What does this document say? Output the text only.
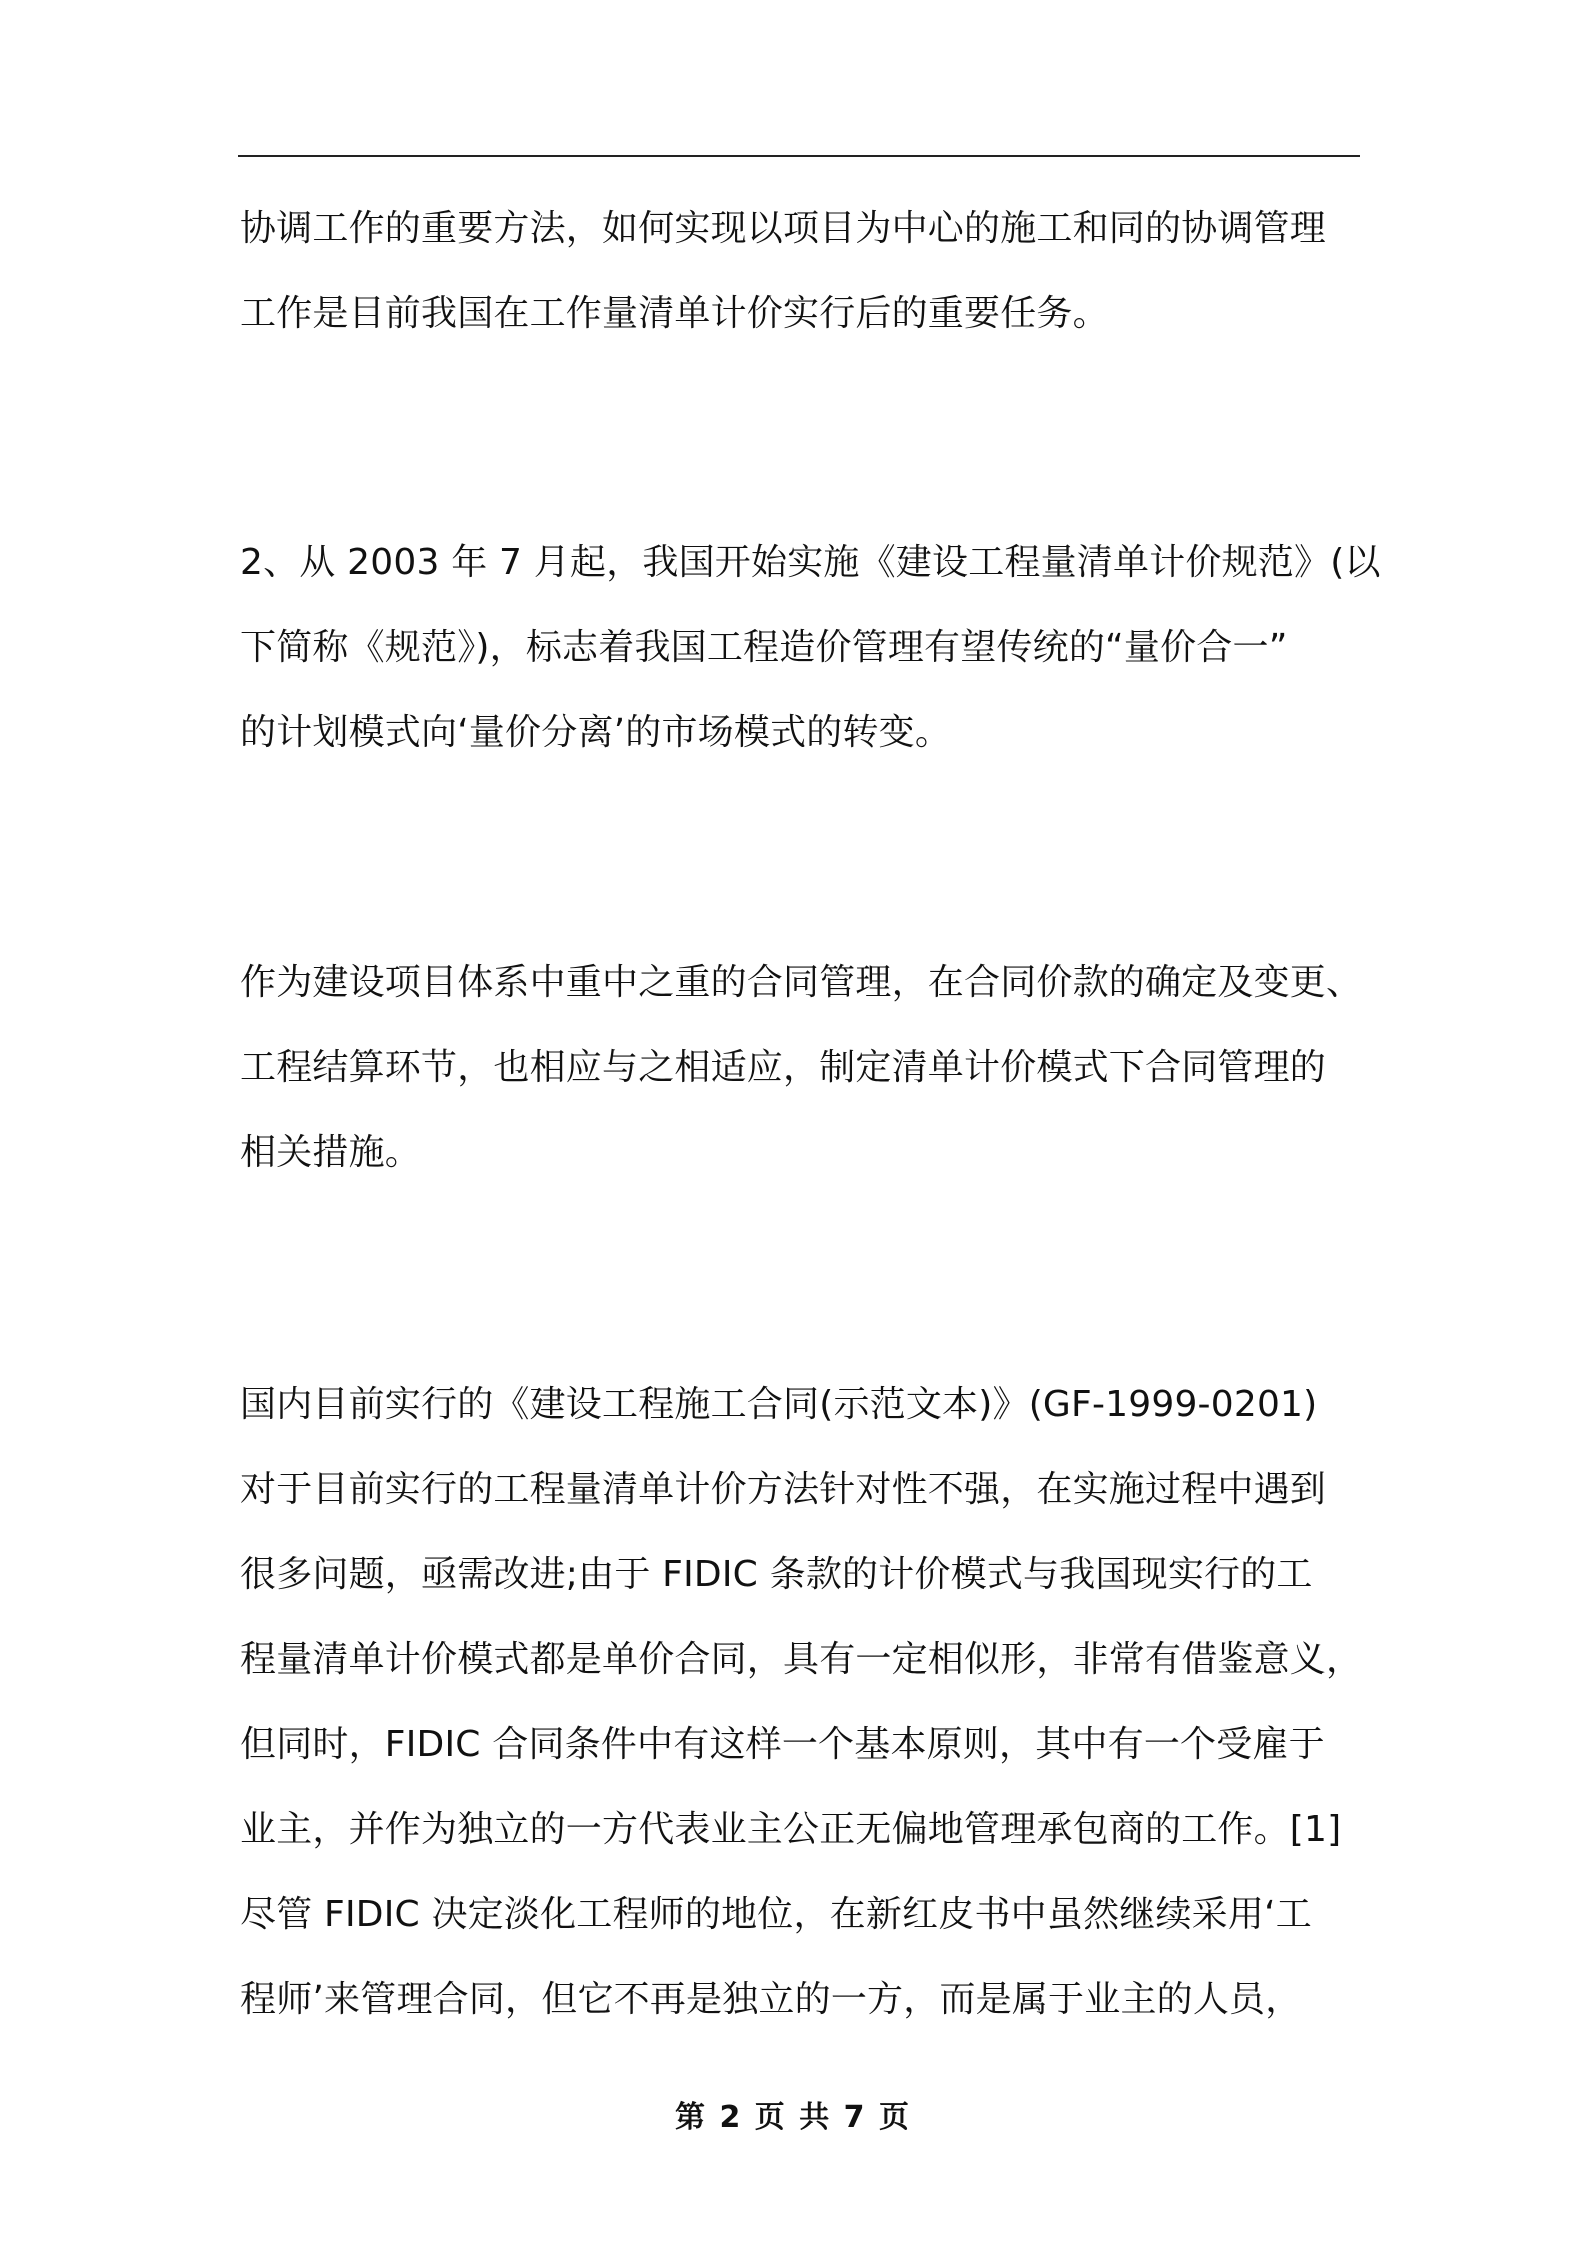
协调工作的重要方法，如何实现以项目为中心的施工和同的协调管理
工作是目前我国在工作量清单计价实行后的重要任务。
2、从 2003 年 7 月起，我国开始实施《建设工程量清单计价规范》(以
下简称《规范》)，标志着我国工程造价管理有望传统的“量价合一”
的计划模式向‘量价分离’的市场模式的转变。
作为建设项目体系中重中之重的合同管理，在合同价款的确定及变更、
工程结算环节，也相应与之相适应，制定清单计价模式下合同管理的
相关措施。
国内目前实行的《建设工程施工合同(示范文本)》(GF-1999-0201)
对于目前实行的工程量清单计价方法针对性不强，在实施过程中遇到
很多问题，亟需改进;由于 FIDIC 条款的计价模式与我国现实行的工
程量清单计价模式都是单价合同，具有一定相似形，非常有借鉴意义，
但同时，FIDIC 合同条件中有这样一个基本原则，其中有一个受雇于
业主，并作为独立的一方代表业主公正无偏地管理承包商的工作。[1]
尽管 FIDIC 决定淡化工程师的地位，在新红皮书中虽然继续采用‘工
程师’来管理合同，但它不再是独立的一方，而是属于业主的人员，
第 2 页 共 7 页
